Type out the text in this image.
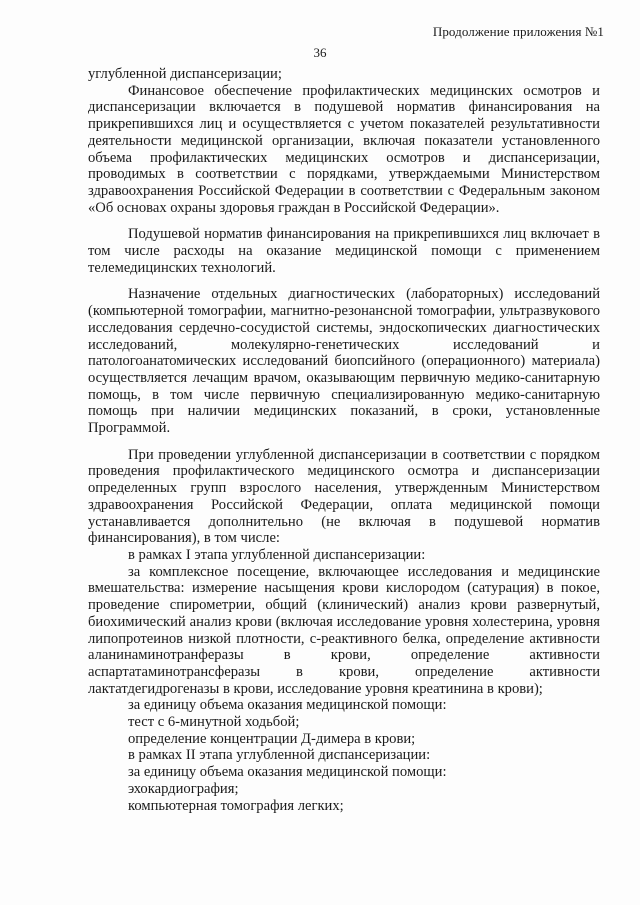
Продолжение приложения №1
36

углубленной диспансеризации;

Финансовое обеспечение профилактических медицинских осмотров и диспансеризации включается в подушевой норматив финансирования на прикрепившихся лиц и осуществляется с учетом показателей результативности деятельности медицинской организации, включая показатели установленного объема профилактических медицинских осмотров и диспансеризации, проводимых в соответствии с порядками, утверждаемыми Министерством здравоохранения Российской Федерации в соответствии с Федеральным законом «Об основах охраны здоровья граждан в Российской Федерации».

Подушевой норматив финансирования на прикрепившихся лиц включает в том числе расходы на оказание медицинской помощи с применением телемедицинских технологий.

Назначение отдельных диагностических (лабораторных) исследований (компьютерной томографии, магнитно-резонансной томографии, ультразвукового исследования сердечно-сосудистой системы, эндоскопических диагностических исследований, молекулярно-генетических исследований и патологоанатомических исследований биопсийного (операционного) материала) осуществляется лечащим врачом, оказывающим первичную медико-санитарную помощь, в том числе первичную специализированную медико-санитарную помощь при наличии медицинских показаний, в сроки, установленные Программой.

При проведении углубленной диспансеризации в соответствии с порядком проведения профилактического медицинского осмотра и диспансеризации определенных групп взрослого населения, утвержденным Министерством здравоохранения Российской Федерации, оплата медицинской помощи устанавливается дополнительно (не включая в подушевой норматив финансирования), в том числе:

в рамках I этапа углубленной диспансеризации:

за комплексное посещение, включающее исследования и медицинские вмешательства: измерение насыщения крови кислородом (сатурация) в покое, проведение спирометрии, общий (клинический) анализ крови развернутый, биохимический анализ крови (включая исследование уровня холестерина, уровня липопротеинов низкой плотности, с-реактивного белка, определение активности аланинаминотранферазы в крови, определение активности аспартатаминотрансферазы в крови, определение активности лактатдегидрогеназы в крови, исследование уровня креатинина в крови);

за единицу объема оказания медицинской помощи:

тест с 6-минутной ходьбой;

определение концентрации Д-димера в крови;

в рамках II этапа углубленной диспансеризации:

за единицу объема оказания медицинской помощи:

эхокардиография;

компьютерная томография легких;
